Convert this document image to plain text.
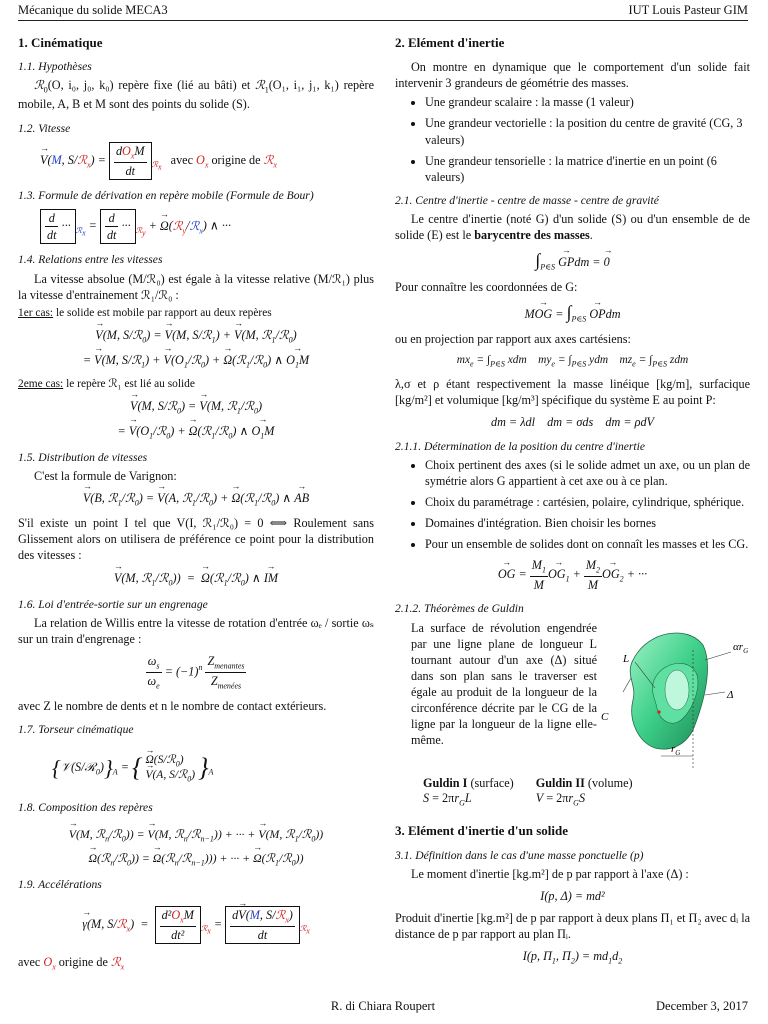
Mécanique du solide MECA3	IUT Louis Pasteur GIM
1. Cinématique
1.1. Hypothèses

ℛ$_0$(O, i₀, j₀, k₀) repère fixe (lié au bâti) et ℛ$_1$(O₁, i₁, j₁, k₁) repère mobile, A, B et M sont des points du solide (S).

1.2. Vitesse
→ V(M, S/ℛ$_x$) = $\frac{dO_xM}{dt} _{ℛ_x}$   avec $O_x$ origine de ℛ$_x$
1.3. Formule de dérivation en repère mobile (Formule de Bour)
$\frac{d}{dt}$ ··· $_{ℛ_x} = \frac{d}{dt}$ ··· $_{ℛ_y}$ + → Ω(ℛ$_y$/ℛ$_x$) ∧ ···
1.4. Relations entre les vitesses

La vitesse absolue (M/ℛ₀) est égale à la vitesse relative (M/ℛ₁) plus la vitesse d'entrainement ℛ₁/ℛ₀ :

1er cas: le solide est mobile par rapport au deux repères

→ V(M, S/ℛ$_0$) = → V(M, S/ℛ$_1$) + → V(M, ℛ$_1$/ℛ$_0$)
= → V(M, S/ℛ$_1$) + → $V(O_1/ℛ_0)$ + → Ω(ℛ$_1$/ℛ$_0$) ∧ → $O_1M$

2eme cas: le repère ℛ₁ est lié au solide

→ V(M, S/ℛ$_0$) = → V(M, ℛ$_1$/ℛ$_0$)
= → $V(O_1/ℛ_0)$ + → Ω(ℛ$_1$/ℛ$_0$) ∧ → $O_1M$
1.5. Distribution de vitesses

C'est la formule de Varignon:

→ V(B, ℛ$_1$/ℛ$_0$) = → V(A, ℛ$_1$/ℛ$_0$) + → Ω(ℛ$_1$/ℛ$_0$) ∧ → AB

S'il existe un point I tel que V(I, ℛ₁/ℛ₀) = 0 ⟺ Roulement sans Glissement alors on utilisera de préférence ce point pour la distribution des vitesses :

→ V(M, ℛ$_1$/ℛ$_0$))  =  → Ω(ℛ$_1$/ℛ$_0$) ∧ → IM
1.6. Loi d'entrée-sortie sur un engrenage

La relation de Willis entre la vitesse de rotation d'entrée ωₑ / sortie ωₛ sur un train d'engrenage :

$\frac{\omega_s}{\omega_e} = (-1)^n \frac{Z_{menantes}}{Z_{menées}}$

avec Z le nombre de dents et n le nombre de contact extérieurs.

1.7. Torseur cinématique
$\{𝒱(S/ℛ_0)\}_A$ = { → Ω(S/ℛ$_0$)
→ V(A, S/ℛ$_0$) }$_A$
1.8. Composition des repères
→ V(M, ℛ$_n$/ℛ$_0$)) = → V(M, ℛ$_n$/ℛ$_{n-1}$)) + ··· + → V(M, ℛ$_1$/ℛ$_0$))
→ Ω(ℛ$_n$/ℛ$_0$)) = → Ω(ℛ$_n$/ℛ$_{n-1}$))) + ··· + → Ω(ℛ$_1$/ℛ$_0$))
1.9. Accélérations
→ γ(M, S/ℛ$_x$)  = $\frac{d^2O_xM}{\text{dt²}} _{ℛ_x} = \frac{d\to V(M, S/ℛ_x)}{dt} _{ℛ_x}$

avec $O_x$ origine de ℛ$_x$

2. Elément d'inertie

On montre en dynamique que le comportement d'un solide fait intervenir 3 grandeurs de géométrie des masses.

• Une grandeur scalaire : la masse (1 valeur)
• Une grandeur vectorielle : la position du centre de gravité (CG, 3 valeurs)
• Une grandeur tensorielle : la matrice d'inertie en un point (6 valeurs)
2.1. Centre d'inertie - centre de masse - centre de gravité

Le centre d'inertie (noté G) d'un solide (S) ou d'un ensemble de de solide (E) est le barycentre des masses.

$\int_{P\in S}$ → GPdm = → 0

Pour connaître les coordonnées de G:

M→ OG = $\int_{P\in S}$ → OPdm

ou en projection par rapport aux axes cartésiens:

$mx_e = \int_{P\in S}$ xdm    $my_e = \int_{P\in S}$ ydm    $mz_e = \int_{P\in S}$ zdm

λ,σ et ρ étant respectivement la masse linéique [kg/m], surfacique [kg/m²] et volumique [kg/m³] spécifique du système E au point P:

dm = λdl    dm = σds    dm = ρdV
2.1.1. Détermination de la position du centre d'inertie
• Choix pertinent des axes (si le solide admet un axe, ou un plan de symétrie alors G appartient à cet axe ou à ce plan.
• Choix du paramétrage : cartésien, polaire, cylindrique, sphérique.
• Domaines d'intégration. Bien choisir les bornes
• Pour un ensemble de solides dont on connaît les masses et les CG.
→ OG = $\frac{M_1}{M}$
→ $OG_1 + \frac{M_2}{M}$
→ $OG_2$ + ···
2.1.2. Théorèmes de Guldin
La surface de révolution engendrée par une ligne plane de longueur L tournant autour d'un axe (Δ) situé dans son plan sans le traverser est égale au produit de la longueur de la circonférence décrite par le CG de la ligne par la longueur de la ligne elle-même.
L
C
$\alpha r_G$
Δ
$r_G$
Guldin I (surface)
$S = 2\pi r_GL$
Guldin II (volume)
$V = 2\pi r_GS$
3. Elément d'inertie d'un solide
3.1. Définition dans le cas d'une masse ponctuelle (p)

Le moment d'inertie [kg.m²] de p par rapport à l'axe (Δ) :

I(p, Δ) = md²

Produit d'inertie [kg.m²] de p par rapport à deux plans Π₁ et Π₂ avec dᵢ la distance de p par rapport au plan Πᵢ.

I(p, $\Pi_1$, $\Pi_2) = md_1d_2$
R. di Chiara Roupert	December 3, 2017
